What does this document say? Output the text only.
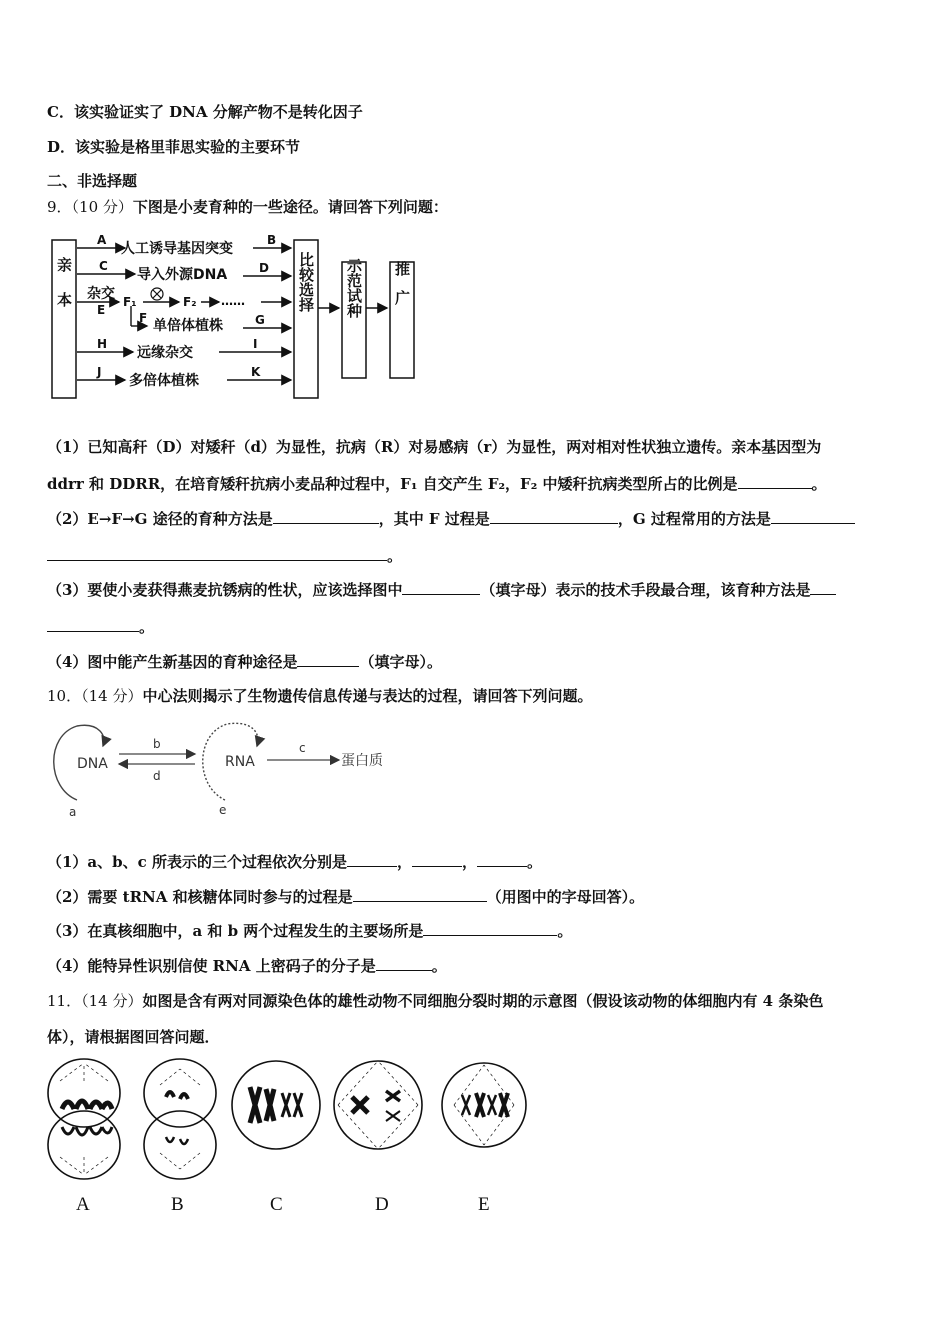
C．该实验证实了 DNA 分解产物不是转化因子
D．该实验是格里菲思实验的主要环节
二、非选择题
9．（10 分）下图是小麦育种的一些途径。请回答下列问题：
亲本	比较选择 示范试种 推广
A
人工诱导基因突变
B
C
导入外源DNA	D
杂交
E
F₁	F₂ ……
F 单倍体植株	G
H
远缘杂交
I
J
多倍体植株
K
（1）已知高秆（D）对矮秆（d）为显性，抗病（R）对易感病（r）为显性，两对相对性状独立遗传。亲本基因型为
ddrr 和 DDRR，在培育矮秆抗病小麦品种过程中，F₁ 自交产生 F₂，F₂ 中矮秆抗病类型所占的比例是	。
（2）E→F→G 途径的育种方法是	，其中 F 过程是	，G 过程常用的方法是
。
（3）要使小麦获得燕麦抗锈病的性状，应该选择图中	（填字母）表示的技术手段最合理，该育种方法是
。
（4）图中能产生新基因的育种途径是	（填字母）。
10．（14 分）中心法则揭示了生物遗传信息传递与表达的过程，请回答下列问题。
DNA
a
b
d
RNA
e
c
蛋白质
（1）a、b、c 所表示的三个过程依次分别是	，	，	。
（2）需要 tRNA 和核糖体同时参与的过程是	（用图中的字母回答）。
（3）在真核细胞中，a 和 b 两个过程发生的主要场所是	。
（4）能特异性识别信使 RNA 上密码子的分子是	。
11．（14 分）如图是含有两对同源染色体的雄性动物不同细胞分裂时期的示意图（假设该动物的体细胞内有 4 条染色
体），请根据图回答问题．
A	B	C	D	E
